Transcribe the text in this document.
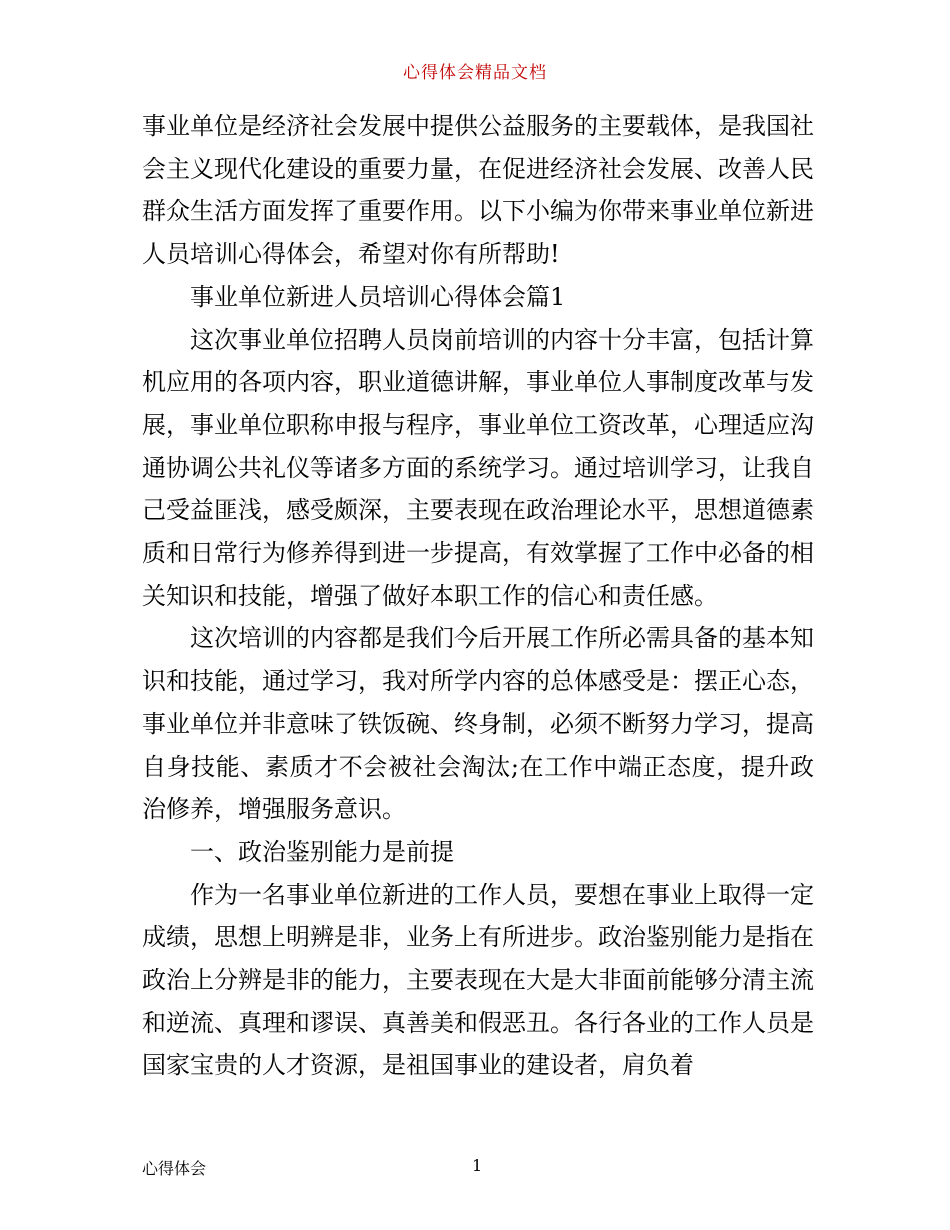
心得体会精品文档

事业单位是经济社会发展中提供公益服务的主要载体，是我国社会主义现代化建设的重要力量，在促进经济社会发展、改善人民群众生活方面发挥了重要作用。以下小编为你带来事业单位新进人员培训心得体会，希望对你有所帮助!

事业单位新进人员培训心得体会篇1

这次事业单位招聘人员岗前培训的内容十分丰富，包括计算机应用的各项内容，职业道德讲解，事业单位人事制度改革与发展，事业单位职称申报与程序，事业单位工资改革，心理适应沟通协调公共礼仪等诸多方面的系统学习。通过培训学习，让我自己受益匪浅，感受颇深，主要表现在政治理论水平，思想道德素质和日常行为修养得到进一步提高，有效掌握了工作中必备的相关知识和技能，增强了做好本职工作的信心和责任感。

这次培训的内容都是我们今后开展工作所必需具备的基本知识和技能，通过学习，我对所学内容的总体感受是：摆正心态，事业单位并非意味了铁饭碗、终身制，必须不断努力学习，提高自身技能、素质才不会被社会淘汰;在工作中端正态度，提升政治修养，增强服务意识。

一、政治鉴别能力是前提

作为一名事业单位新进的工作人员，要想在事业上取得一定成绩，思想上明辨是非，业务上有所进步。政治鉴别能力是指在政治上分辨是非的能力，主要表现在大是大非面前能够分清主流和逆流、真理和谬误、真善美和假恶丑。各行各业的工作人员是国家宝贵的人才资源，是祖国事业的建设者，肩负着

心得体会	1
